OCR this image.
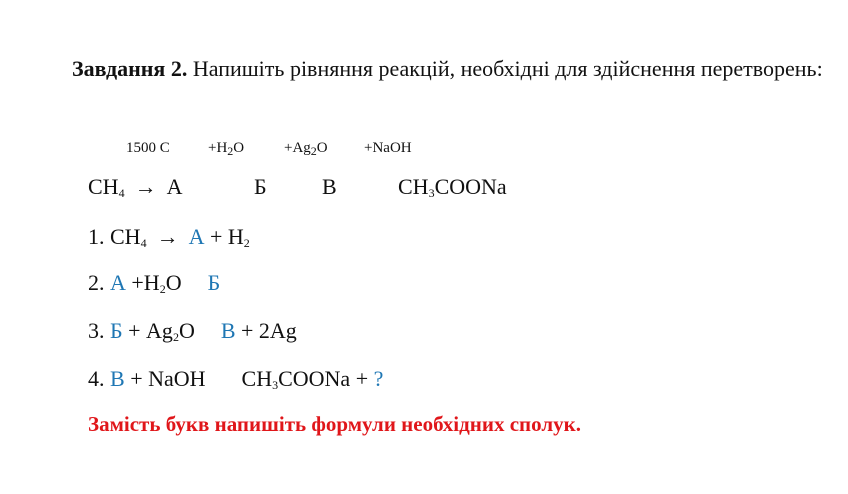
Завдання 2. Напишіть рівняння реакцій, необхідні для здійснення перетворень:
1500 C	$+H_2O$	$+Ag_2O$ +NaOH
$CH_4 \to А$	Б	В	$CH_3COONa$
1. $CH_4 \to А + H_2$
2. $А +H_2O$ Б
3. $Б + Ag_2O$ В + 2Ag
4. В + NaOH $CH_3COONa$ + ?
Замість букв напишіть формули необхідних сполук.
